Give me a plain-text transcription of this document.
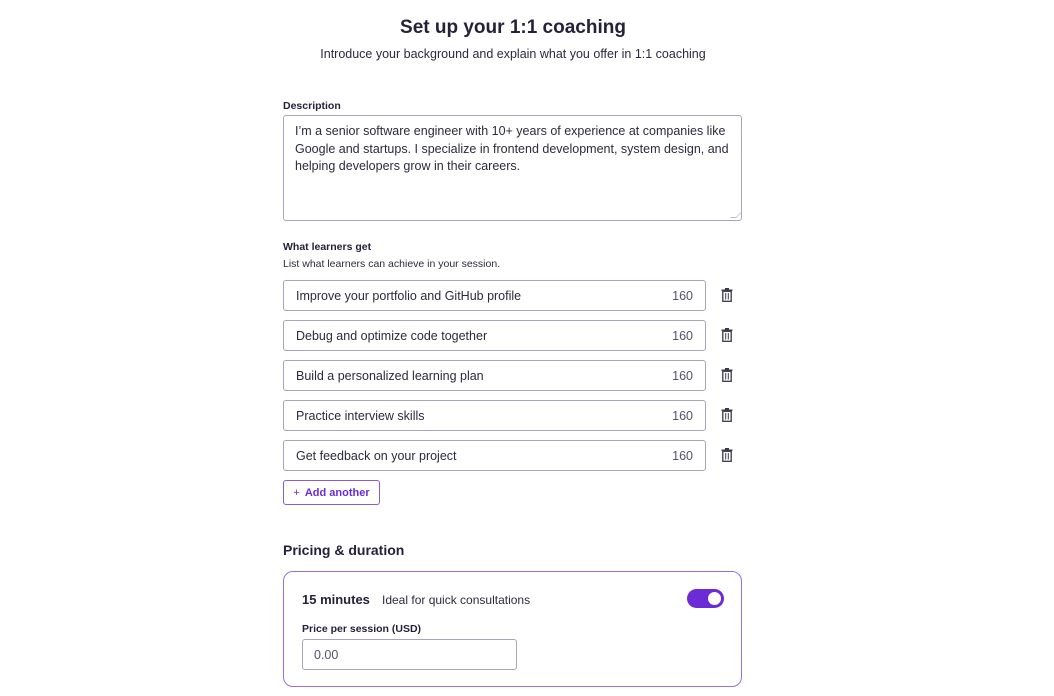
Set up your 1:1 coaching
Introduce your background and explain what you offer in 1:1 coaching
Description
I’m a senior software engineer with 10+ years of experience at companies like Google and startups. I specialize in frontend development, system design, and helping developers grow in their careers.
What learners get
List what learners can achieve in your session.
Improve your portfolio and GitHub profile	160
Debug and optimize code together	160
Build a personalized learning plan	160
Practice interview skills	160
Get feedback on your project	160
+ Add another
Pricing & duration
15 minutes Ideal for quick consultations
Price per session (USD)
0.00
